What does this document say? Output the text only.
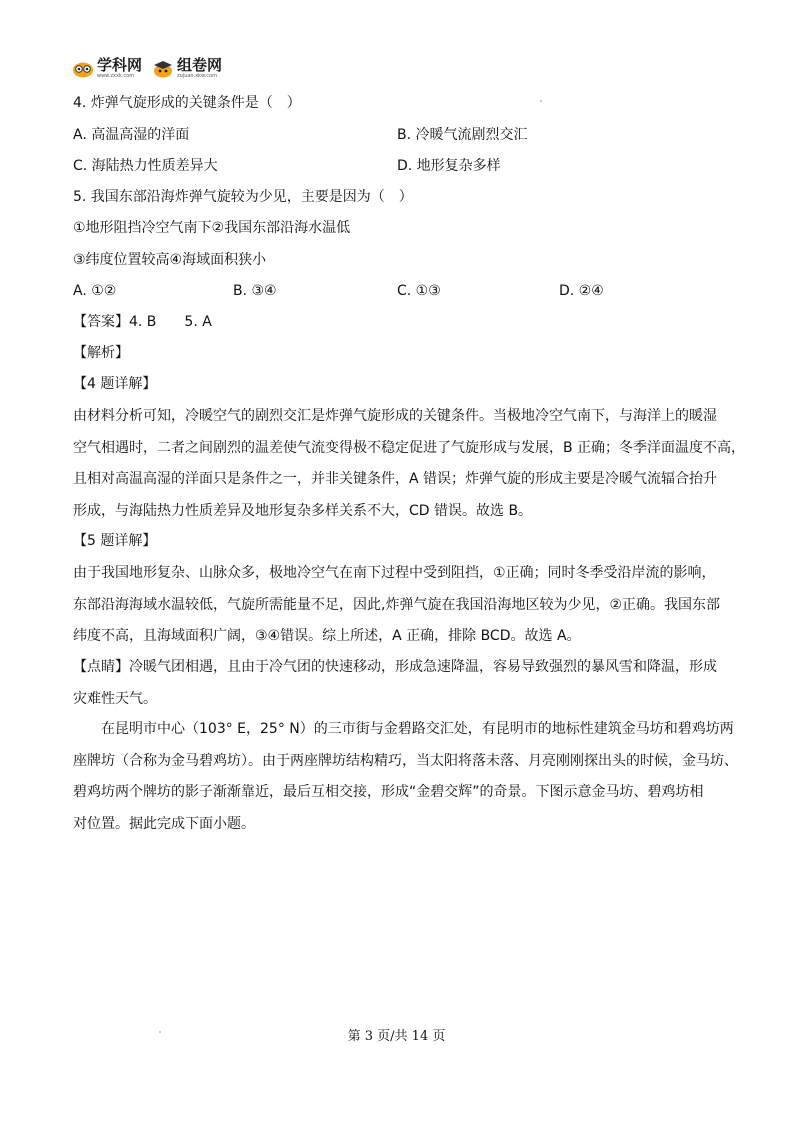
学科网
www.zxxk.com
组卷网
zujuan.xkw.com
4. 炸弹气旋形成的关键条件是（　）
A. 高温高湿的洋面	B. 冷暖气流剧烈交汇
C. 海陆热力性质差异大	D. 地形复杂多样
5. 我国东部沿海炸弹气旋较为少见，主要是因为（　）
①地形阻挡冷空气南下②我国东部沿海水温低
③纬度位置较高④海域面积狭小
A. ①②	B. ③④	C. ①③	D. ②④
【答案】4. B　　5. A
【解析】
【4 题详解】
由材料分析可知，冷暖空气的剧烈交汇是炸弹气旋形成的关键条件。当极地冷空气南下，与海洋上的暖湿
空气相遇时，二者之间剧烈的温差使气流变得极不稳定促进了气旋形成与发展，B 正确；冬季洋面温度不高，
且相对高温高湿的洋面只是条件之一，并非关键条件，A 错误；炸弹气旋的形成主要是冷暖气流辐合抬升
形成，与海陆热力性质差异及地形复杂多样关系不大，CD 错误。故选 B。
【5 题详解】
由于我国地形复杂、山脉众多，极地冷空气在南下过程中受到阻挡，①正确；同时冬季受沿岸流的影响，
东部沿海海域水温较低，气旋所需能量不足，因此,炸弹气旋在我国沿海地区较为少见，②正确。我国东部
纬度不高，且海域面积广阔，③④错误。综上所述，A 正确，排除 BCD。故选 A。
【点睛】冷暖气团相遇，且由于冷气团的快速移动，形成急速降温，容易导致强烈的暴风雪和降温，形成
灾难性天气。
在昆明市中心（103° E，25° N）的三市街与金碧路交汇处，有昆明市的地标性建筑金马坊和碧鸡坊两
座牌坊（合称为金马碧鸡坊）。由于两座牌坊结构精巧，当太阳将落未落、月亮刚刚探出头的时候，金马坊、
碧鸡坊两个牌坊的影子渐渐靠近，最后互相交接，形成“金碧交辉”的奇景。下图示意金马坊、碧鸡坊相
对位置。据此完成下面小题。
第 3 页/共 14 页
